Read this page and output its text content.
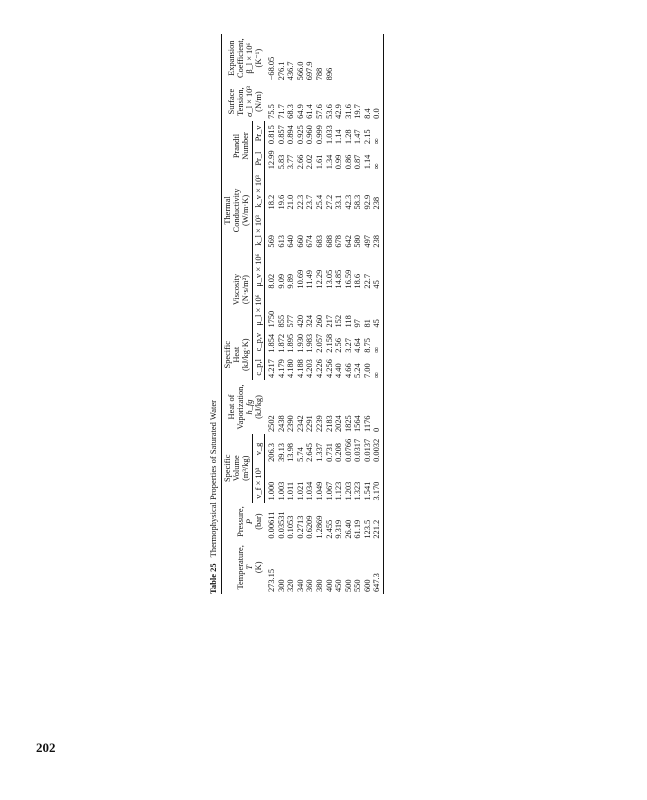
Table 25Thermophysical Properties of Saturated Water
Temperature,
T
(K)	Pressure,
P
(bar)	Specific
Volume
(m³/kg)		Heat of
Vaporization,
h_fg
(kJ/kg)	Specific
Heat
(kJ/kg·K)		Viscosity
(N·s/m²)		Thermal
Conductivity
(W/m·K)		Prandtl
Number		Surface
Tension,
σ_l × 10³
(N/m)	Expansion
Coefficient,
β_l × 10⁶
(K⁻¹)
		v_f × 10³	v_g		c_p,l	c_p,v	μ_l × 10⁶	μ_v × 10⁶	k_l × 10³	k_v × 10³	Pr_l	Pr_v		
273.15	0.00611	1.000	206.3	2502	4.217	1.854	1750	8.02	569	18.2	12.99	0.815	75.5	−68.05
300	0.03531	1.003	39.13	2438	4.179	1.872	855	9.09	613	19.6	5.83	0.857	71.7	276.1
320	0.1053	1.011	13.98	2390	4.180	1.895	577	9.89	640	21.0	3.77	0.894	68.3	436.7
340	0.2713	1.021	5.74	2342	4.188	1.930	420	10.69	660	22.3	2.66	0.925	64.9	566.0
360	0.6209	1.034	2.645	2291	4.203	1.983	324	11.49	674	23.7	2.02	0.960	61.4	697.9
380	1.2869	1.049	1.337	2239	4.226	2.057	260	12.29	683	25.4	1.61	0.999	57.6	788
400	2.455	1.067	0.731	2183	4.256	2.158	217	13.05	688	27.2	1.34	1.033	53.6	896
450	9.319	1.123	0.208	2024	4.40	2.56	152	14.85	678	33.1	0.99	1.14	42.9	
500	26.40	1.203	0.0766	1825	4.66	3.27	118	16.59	642	42.3	0.86	1.28	31.6	
550	61.19	1.323	0.0317	1564	5.24	4.64	97	18.6	580	58.3	0.87	1.47	19.7	
600	123.5	1.541	0.0137	1176	7.00	8.75	81	22.7	497	92.9	1.14	2.15	8.4	
647.3	221.2	3.170	0.0032	0	∞	∞	45	45	238	238	∞	∞	0.0	
202
